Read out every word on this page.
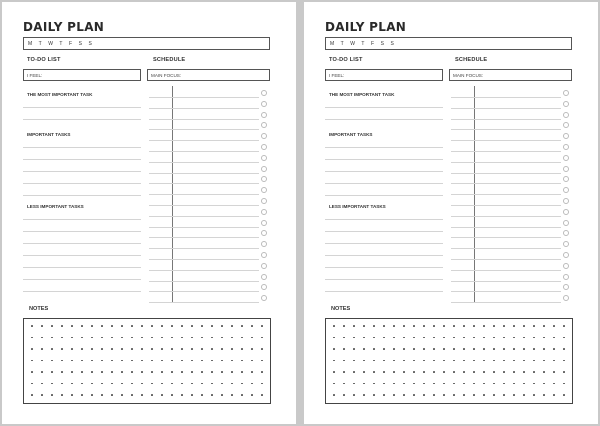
DAILY PLAN
M T W T F S S
TO-DO LIST	SCHEDULE
I FEEL:	MAIN FOCUS:
THE MOST IMPORTANT TASK
IMPORTANT TASKS
LESS IMPORTANT TASKS
NOTES
DAILY PLAN
M T W T F S S
TO-DO LIST	SCHEDULE
I FEEL:	MAIN FOCUS:
THE MOST IMPORTANT TASK
IMPORTANT TASKS
LESS IMPORTANT TASKS
NOTES
